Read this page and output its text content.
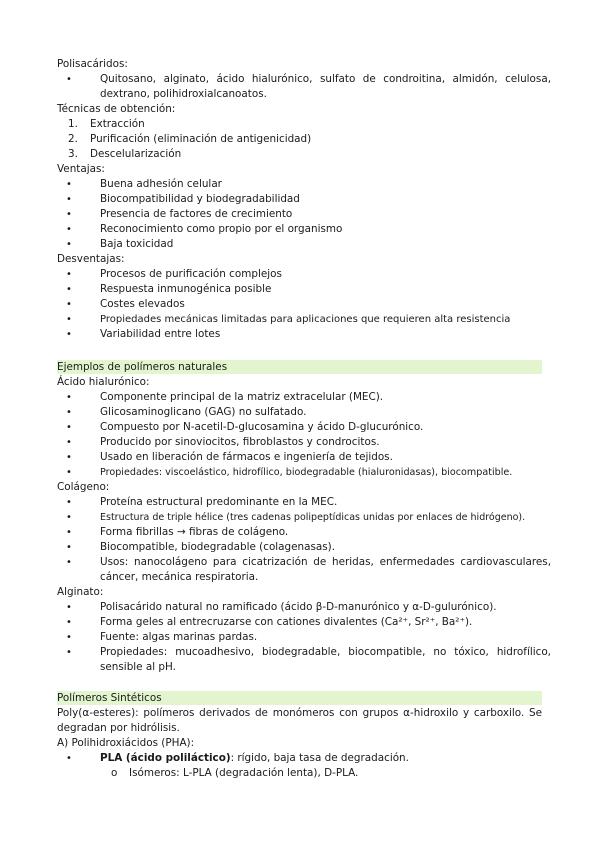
Polisacáridos:
•	Quitosano, alginato, ácido hialurónico, sulfato de condroitina, almidón, celulosa, dextrano, polihidroxialcanoatos.
Técnicas de obtención:
1.	Extracción
2.	Purificación (eliminación de antigenicidad)
3.	Descelularización
Ventajas:
•	Buena adhesión celular
•	Biocompatibilidad y biodegradabilidad
•	Presencia de factores de crecimiento
•	Reconocimiento como propio por el organismo
•	Baja toxicidad
Desventajas:
•	Procesos de purificación complejos
•	Respuesta inmunogénica posible
•	Costes elevados
•	Propiedades mecánicas limitadas para aplicaciones que requieren alta resistencia
•	Variabilidad entre lotes
Ejemplos de polímeros naturales
Ácido hialurónico:
•	Componente principal de la matriz extracelular (MEC).
•	Glicosaminoglicano (GAG) no sulfatado.
•	Compuesto por N-acetil-D-glucosamina y ácido D-glucurónico.
•	Producido por sinoviocitos, fibroblastos y condrocitos.
•	Usado en liberación de fármacos e ingeniería de tejidos.
•	Propiedades: viscoelástico, hidrofílico, biodegradable (hialuronidasas), biocompatible.
Colágeno:
•	Proteína estructural predominante en la MEC.
•	Estructura de triple hélice (tres cadenas polipeptídicas unidas por enlaces de hidrógeno).
•	Forma fibrillas → fibras de colágeno.
•	Biocompatible, biodegradable (colagenasas).
•	Usos: nanocolágeno para cicatrización de heridas, enfermedades cardiovasculares, cáncer, mecánica respiratoria.
Alginato:
•	Polisacárido natural no ramificado (ácido β-D-manurónico y α-D-gulurónico).
•	Forma geles al entrecruzarse con cationes divalentes (Ca²⁺, Sr²⁺, Ba²⁺).
•	Fuente: algas marinas pardas.
•	Propiedades: mucoadhesivo, biodegradable, biocompatible, no tóxico, hidrofílico, sensible al pH.
Polímeros Sintéticos
Poly(α-esteres): polímeros derivados de monómeros con grupos α-hidroxilo y carboxilo. Se degradan por hidrólisis.
A) Polihidroxiácidos (PHA):
•	PLA (ácido poliláctico): rígido, baja tasa de degradación.
o	Isómeros: L-PLA (degradación lenta), D-PLA.
